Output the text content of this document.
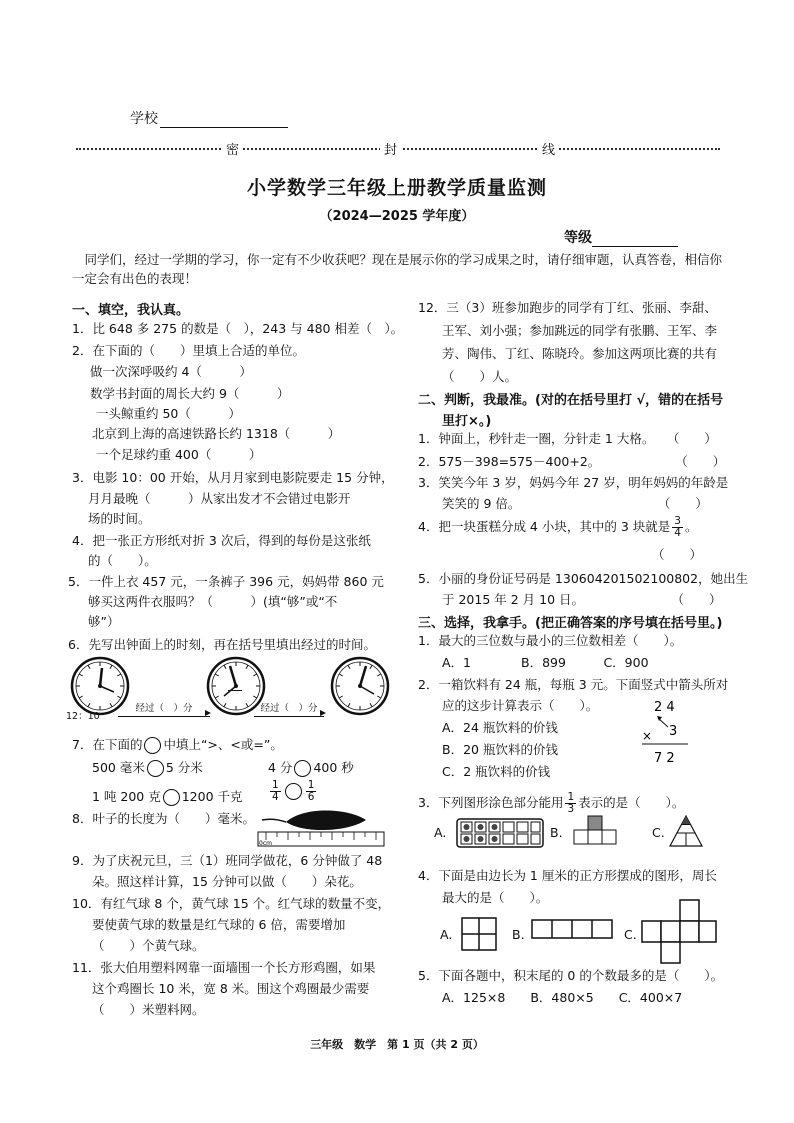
学校
密	封	线
小学数学三年级上册教学质量监测
（2024—2025 学年度）
等级
 同学们，经过一学期的学习，你一定有不少收获吧？现在是展示你的学习成果之时，请仔细审题，认真答卷，相信你一定会有出色的表现！
一、填空，我认真。
1．比 648 多 275 的数是（　），243 与 480 相差（　）。
2．在下面的（　　）里填上合适的单位。
做一次深呼吸约 4（　　　）
数学书封面的周长大约 9（　　　）
一头鲸重约 50（　　　）
北京到上海的高速铁路长约 1318（　　　）
一个足球约重 400（　　　）
3．电影 10：00 开始，从月月家到电影院要走 15 分钟，
月月最晚（　　　）从家出发才不会错过电影开
场的时间。
4．把一张正方形纸对折 3 次后，得到的每份是这张纸
的（　　）。
5．一件上衣 457 元，一条裤子 396 元，妈妈带 860 元
够买这两件衣服吗？（　　　）(填“够”或“不
够”）
6．先写出钟面上的时刻，再在括号里填出经过的时间。
12：10
经过（　）分	经过（　）分
7．在下面的 中填上“>、<或=”。
500 毫米 5 分米	4 分 400 秒
1 吨 200 克 1200 千克	$\frac{1}{4} \frac{1}{6}$
8．叶子的长度为（　　）毫米。
0cm
9．为了庆祝元旦，三（1）班同学做花，6 分钟做了 48
朵。照这样计算，15 分钟可以做（　　）朵花。
10．有红气球 8 个，黄气球 15 个。红气球的数量不变，
要使黄气球的数量是红气球的 6 倍，需要增加
（　　）个黄气球。
11．张大伯用塑料网靠一面墙围一个长方形鸡圈，如果
这个鸡圈长 10 米，宽 8 米。围这个鸡圈最少需要
（　　）米塑料网。
12．三（3）班参加跑步的同学有丁红、张丽、李甜、
王军、刘小强；参加跳远的同学有张鹏、王军、李
芳、陶伟、丁红、陈晓玲。参加这两项比赛的共有
（　　）人。
二、判断，我最准。(对的在括号里打 √，错的在括号
里打×。)
1．钟面上，秒针走一圈，分针走 1 大格。　　（　　）
2．575－398=575－400+2。　　　　　　　（　　）
3．笑笑今年 3 岁，妈妈今年 27 岁，明年妈妈的年龄是
笑笑的 9 倍。　　　　　　　　　　　　（　　）
4．把一块蛋糕分成 4 小块，其中的 3 块就是 $\frac{3}{4}$ 。
（　　）
5．小丽的身份证号码是 130604201502100802，她出生
于 2015 年 2 月 10 日。　　　　　　　　（　　）
三、选择，我拿手。(把正确答案的序号填在括号里。)
1．最大的三位数与最小的三位数相差（　　）。
A．1　　　　B．899　　　C．900
2．一箱饮料有 24 瓶，每瓶 3 元。下面竖式中箭头所对
应的这步计算表示（　　）。
A．24 瓶饮料的价钱
B．20 瓶饮料的价钱
C．2 瓶饮料的价钱
2 4
× 3
7 2
3．下列图形涂色部分能用 $\frac{1}{3}$ 表示的是（　　）。
A.	B.	C.
4．下面是由边长为 1 厘米的正方形摆成的图形，周长
最大的是（　　）。
A.	B.	C.
5．下面各题中，积末尾的 0 的个数最多的是（　　）。
A．125×8　　B．480×5　　C．400×7
三年级　数学　第 1 页（共 2 页）
